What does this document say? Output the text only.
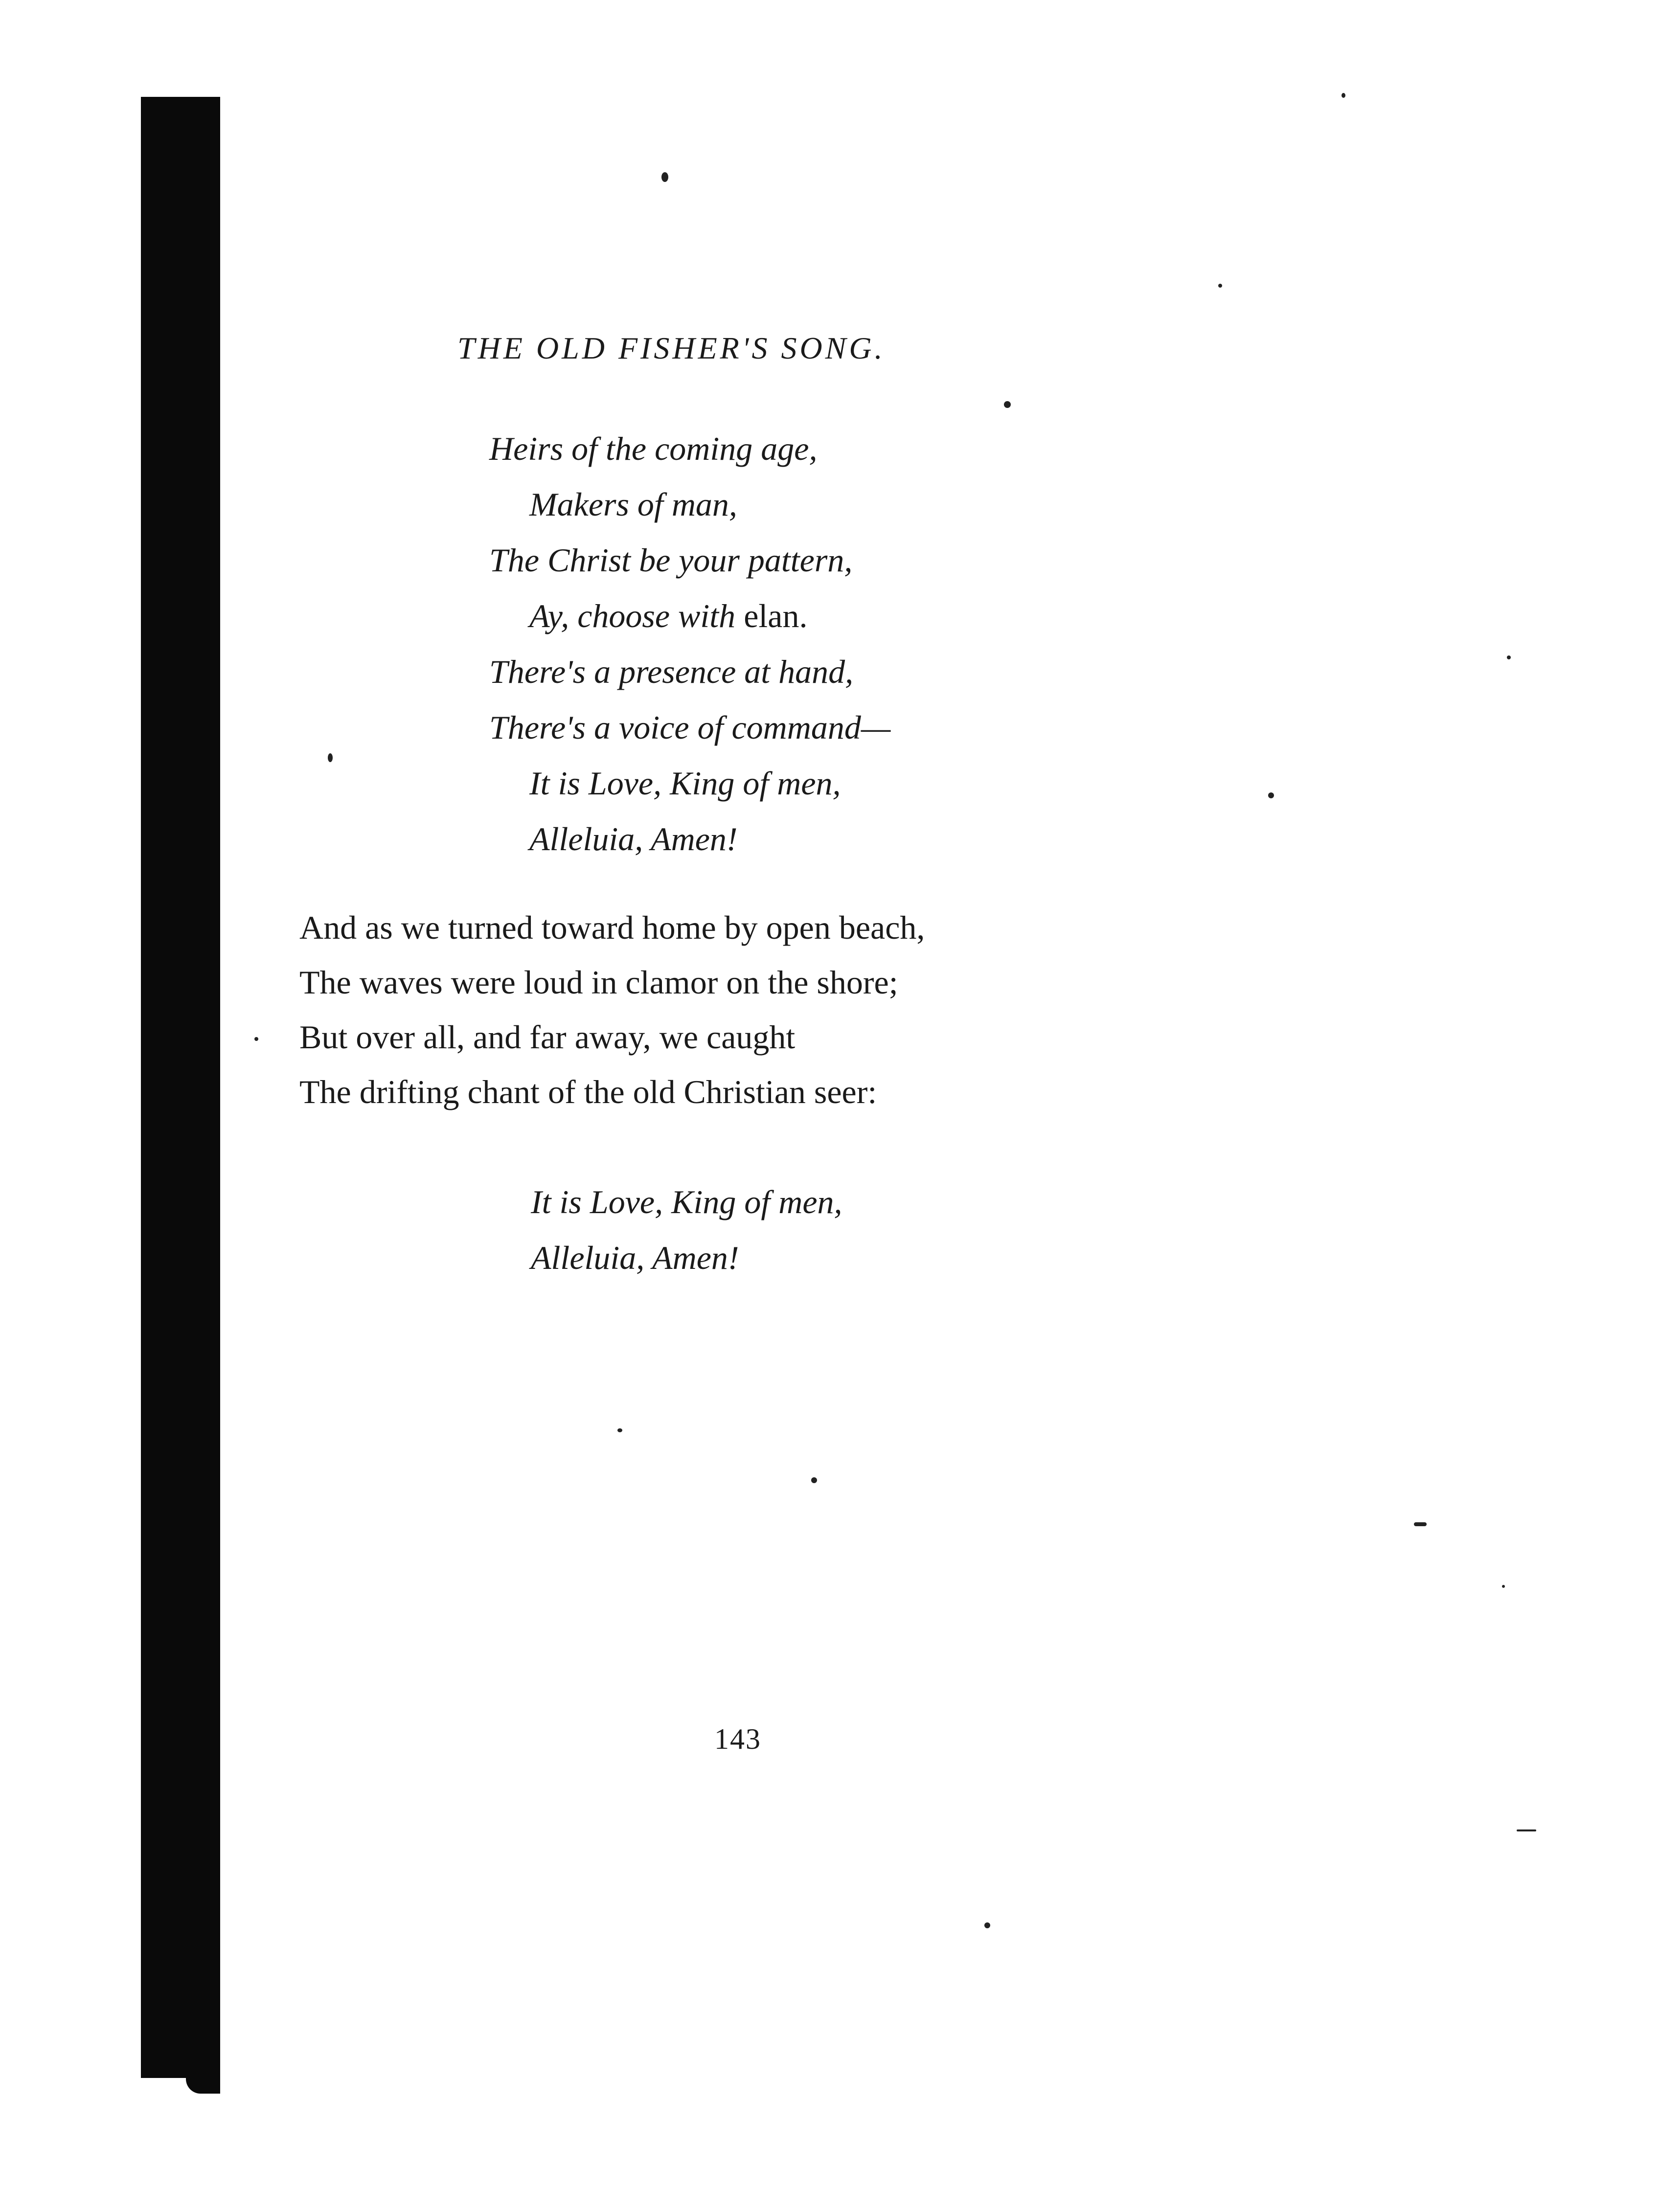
THE OLD FISHER'S SONG.
Heirs of the coming age,
Makers of man,
The Christ be your pattern,
Ay, choose with elan.
There's a presence at hand,
There's a voice of command—
It is Love, King of men,
Alleluia, Amen!
And as we turned toward home by open beach,
The waves were loud in clamor on the shore;
But over all, and far away, we caught
The drifting chant of the old Christian seer:
It is Love, King of men,
Alleluia, Amen!
143
